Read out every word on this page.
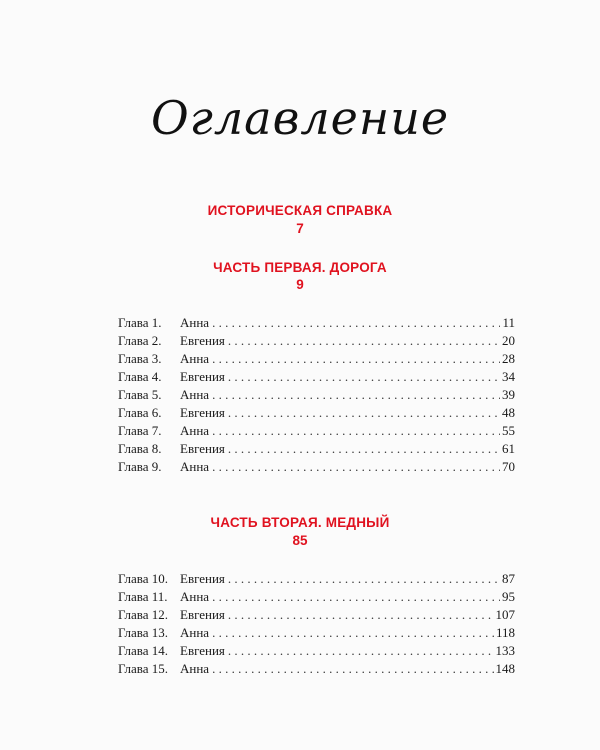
Оглавление
ИСТОРИЧЕСКАЯ СПРАВКА
7
ЧАСТЬ ПЕРВАЯ. ДОРОГА
9
Глава 1.	Анна . . .	11
Глава 2.	Евгения . . .	20
Глава 3.	Анна . . .	28
Глава 4.	Евгения . . .	34
Глава 5.	Анна . . .	39
Глава 6.	Евгения . . .	48
Глава 7.	Анна . . .	55
Глава 8.	Евгения . . .	61
Глава 9.	Анна . . .	70
ЧАСТЬ ВТОРАЯ. МЕДНЫЙ
85
Глава 10. Евгения . . .	87
Глава 11. Анна . . .	95
Глава 12. Евгения . . .	107
Глава 13. Анна . . .	118
Глава 14. Евгения . . .	133
Глава 15. Анна . . .	148
